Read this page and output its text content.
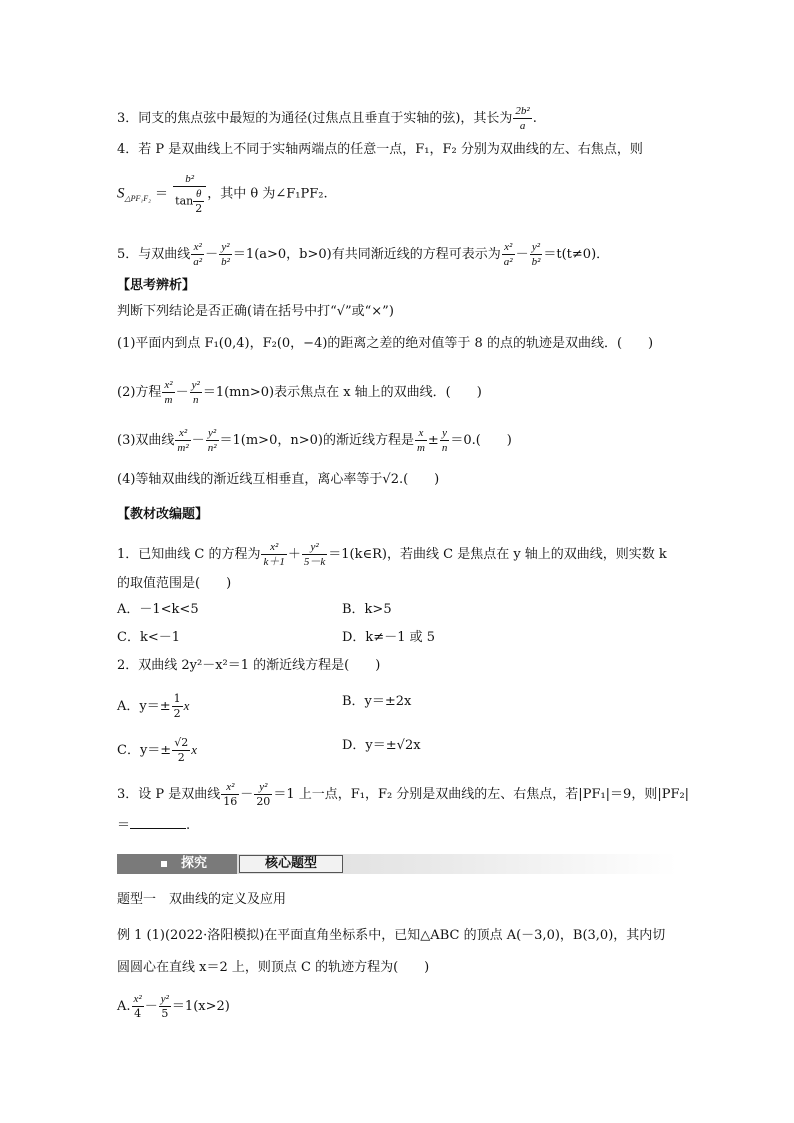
3．同支的焦点弦中最短的为通径(过焦点且垂直于实轴的弦)，其长为 $\frac{\text{2b²}}{a}$ .
4．若 P 是双曲线上不同于实轴两端点的任意一点，F₁，F₂ 分别为双曲线的左、右焦点，则
$S_{\triangle PF_1F_2} = \frac{\text{b²}}{\tan \frac{\theta}{2}}$ ，其中 θ 为∠F₁PF₂.
5．与双曲线 $\frac{\text{x²}}{\text{a²}} - \frac{\text{y²}}{\text{b²}} =1(a>0$，b>0)有共同渐近线的方程可表示为 $\frac{\text{x²}}{\text{a²}} - \frac{\text{y²}}{\text{b²}} =t(t\ne 0)$．
【思考辨析】
判断下列结论是否正确(请在括号中打“√”或“×”)
(1)平面内到点 F₁(0,4)，F₂(0，−4)的距离之差的绝对值等于 8 的点的轨迹是双曲线．(　　)
(2)方程 $\frac{\text{x²}}{m} - \frac{\text{y²}}{n} =1(mn>0)$表示焦点在 x 轴上的双曲线．(　　)
(3)双曲线 $\frac{\text{x²}}{\text{m²}} - \frac{\text{y²}}{\text{n²}} =1(m>0$，n>0)的渐近线方程是 $\frac{x}{m} \pm \frac{y}{n} =0$.(　　)
(4)等轴双曲线的渐近线互相垂直，离心率等于√2.(　　)
【教材改编题】
1．已知曲线 C 的方程为 $\frac{\text{x²}}{k+1} + \frac{\text{y²}}{5-k}$ ＝1(k∈R)，若曲线 C 是焦点在 y 轴上的双曲线，则实数 k
的取值范围是(　　)
A．－1<k<5	B．k>5
C．k<－1	D．k≠－1 或 5
2．双曲线 2y²－x²＝1 的渐近线方程是(　　)
A．$y=\pm \frac{1}{2}$ x	B．y＝±2x
C．$y=\pm \frac{√2}{2}$ x	D．y＝±√2x
3．设 P 是双曲线 $\frac{\text{x²}}{16} - \frac{\text{y²}}{20} =1$ 上一点，F₁，F₂ 分别是双曲线的左、右焦点，若|PF₁|＝9，则|PF₂|
＝	.
探究	核心题型
题型一　双曲线的定义及应用
例 1 (1)(2022·洛阳模拟)在平面直角坐标系中，已知△ABC 的顶点 A(－3,0)，B(3,0)，其内切
圆圆心在直线 x＝2 上，则顶点 C 的轨迹方程为(　　)
A. $\frac{\text{x²}}{4} - \frac{\text{y²}}{5} =1(x>2)$
